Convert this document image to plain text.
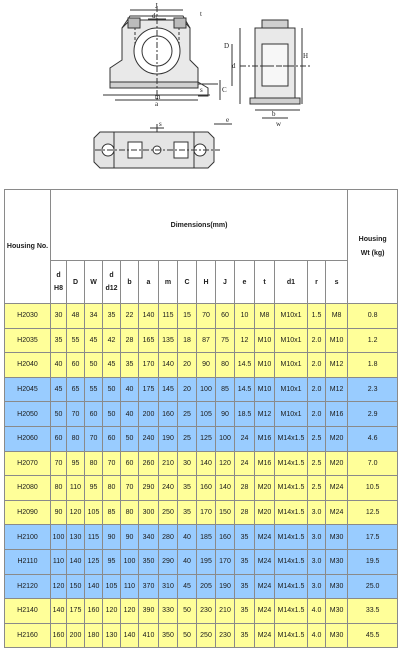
J
d₁	t
d
D
H
b
s
a
m
C
e
s	w
Housing No.	Dimensions(mm)															Housing

Wt (kg)

	d
H8	D	W	d
d12	b	a	m	C	H	J	e	t	d1	r	s	

H2030	30	48	34	35	22	140	115	15	70	60	10	M8	M10x1	1.5	M8	0.8
H2035	35	55	45	42	28	165	135	18	87	75	12	M10	M10x1	2.0	M10	1.2
H2040	40	60	50	45	35	170	140	20	90	80	14.5	M10	M10x1	2.0	M12	1.8
H2045	45	65	55	50	40	175	145	20	100	85	14.5	M10	M10x1	2.0	M12	2.3
H2050	50	70	60	50	40	200	160	25	105	90	18.5	M12	M10x1	2.0	M16	2.9
H2060	60	80	70	60	50	240	190	25	125	100	24	M16	M14x1.5	2.5	M20	4.6
H2070	70	95	80	70	60	260	210	30	140	120	24	M16	M14x1.5	2.5	M20	7.0
H2080	80	110	95	80	70	290	240	35	160	140	28	M20	M14x1.5	2.5	M24	10.5
H2090	90	120	105	85	80	300	250	35	170	150	28	M20	M14x1.5	3.0	M24	12.5
H2100	100	130	115	90	90	340	280	40	185	160	35	M24	M14x1.5	3.0	M30	17.5
H2110	110	140	125	95	100	350	290	40	195	170	35	M24	M14x1.5	3.0	M30	19.5
H2120	120	150	140	105	110	370	310	45	205	190	35	M24	M14x1.5	3.0	M30	25.0
H2140	140	175	160	120	120	390	330	50	230	210	35	M24	M14x1.5	4.0	M30	33.5
H2160	160	200	180	130	140	410	350	50	250	230	35	M24	M14x1.5	4.0	M30	45.5
